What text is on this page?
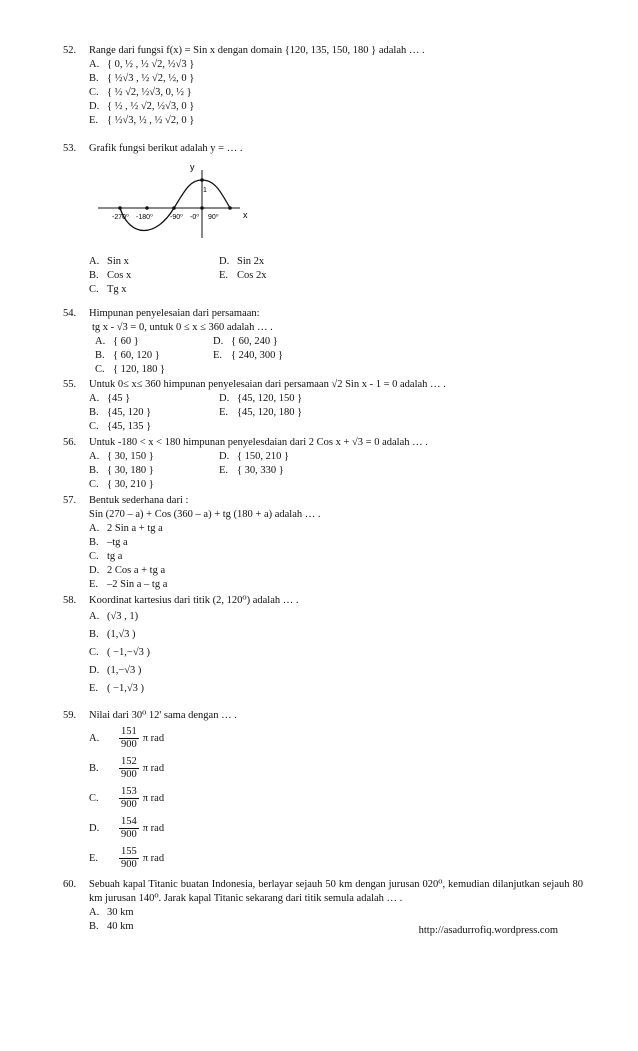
52.	Range dari fungsi f(x) = Sin x dengan domain {120, 135, 150, 180 } adalah … .
A. { 0, ½ , ½ √2, ½√3 }
B. { ½√3 , ½ √2, ½, 0 }
C. { ½ √2, ½√3, 0, ½ }
D. { ½ , ½ √2, ½√3, 0 }
E. { ½√3, ½ , ½ √2, 0 }
53.	Grafik fungsi berikut adalah y = … .
y
1
x
-270⁰ -180⁰ -90⁰ -0⁰ 90⁰
A. Sin x	D. Sin 2x
B. Cos x	E. Cos 2x
C. Tg x
54.	Himpunan penyelesaian dari persamaan:
tg x - √3 = 0, untuk 0 ≤ x ≤ 360 adalah … .
A. { 60 }	D. { 60, 240 }
B. { 60, 120 }	E. { 240, 300 }
C. { 120, 180 }
55.	Untuk 0≤ x≤ 360 himpunan penyelesaian dari persamaan √2 Sin x - 1 = 0 adalah … .
A. {45 }	D. {45, 120, 150 }
B. {45, 120 }	E. {45, 120, 180 }
C. {45, 135 }
56.	Untuk -180 < x < 180 himpunan penyelesdaian dari 2 Cos x + √3 = 0 adalah … .
A. { 30, 150 }	D. { 150, 210 }
B. { 30, 180 }	E. { 30, 330 }
C. { 30, 210 }
57.	Bentuk sederhana dari :
Sin (270 – a) + Cos (360 – a) + tg (180 + a) adalah … .
A. 2 Sin a + tg a
B. –tg a
C. tg a
D. 2 Cos a + tg a
E. –2 Sin a – tg a
58.	Koordinat kartesius dari titik (2, 120⁰) adalah … .
A. (√3 , 1)
B. (1,√3 )
C. ( −1,−√3 )
D. (1,−√3 )
E. ( −1,√3 )
59.	Nilai dari 30⁰ 12' sama dengan … .
A.	$\frac{151}{900}$ π rad
B.	$\frac{152}{900}$ π rad
C.	$\frac{153}{900}$ π rad
D.	$\frac{154}{900}$ π rad
E.	$\frac{155}{900}$ π rad
60.	Sebuah kapal Titanic buatan Indonesia, berlayar sejauh 50 km dengan jurusan 020⁰, kemudian dilanjutkan sejauh 80 km jurusan 140⁰. Jarak kapal Titanic sekarang dari titik semula adalah … .
A. 30 km
B. 40 km	http://asadurrofiq.wordpress.com
